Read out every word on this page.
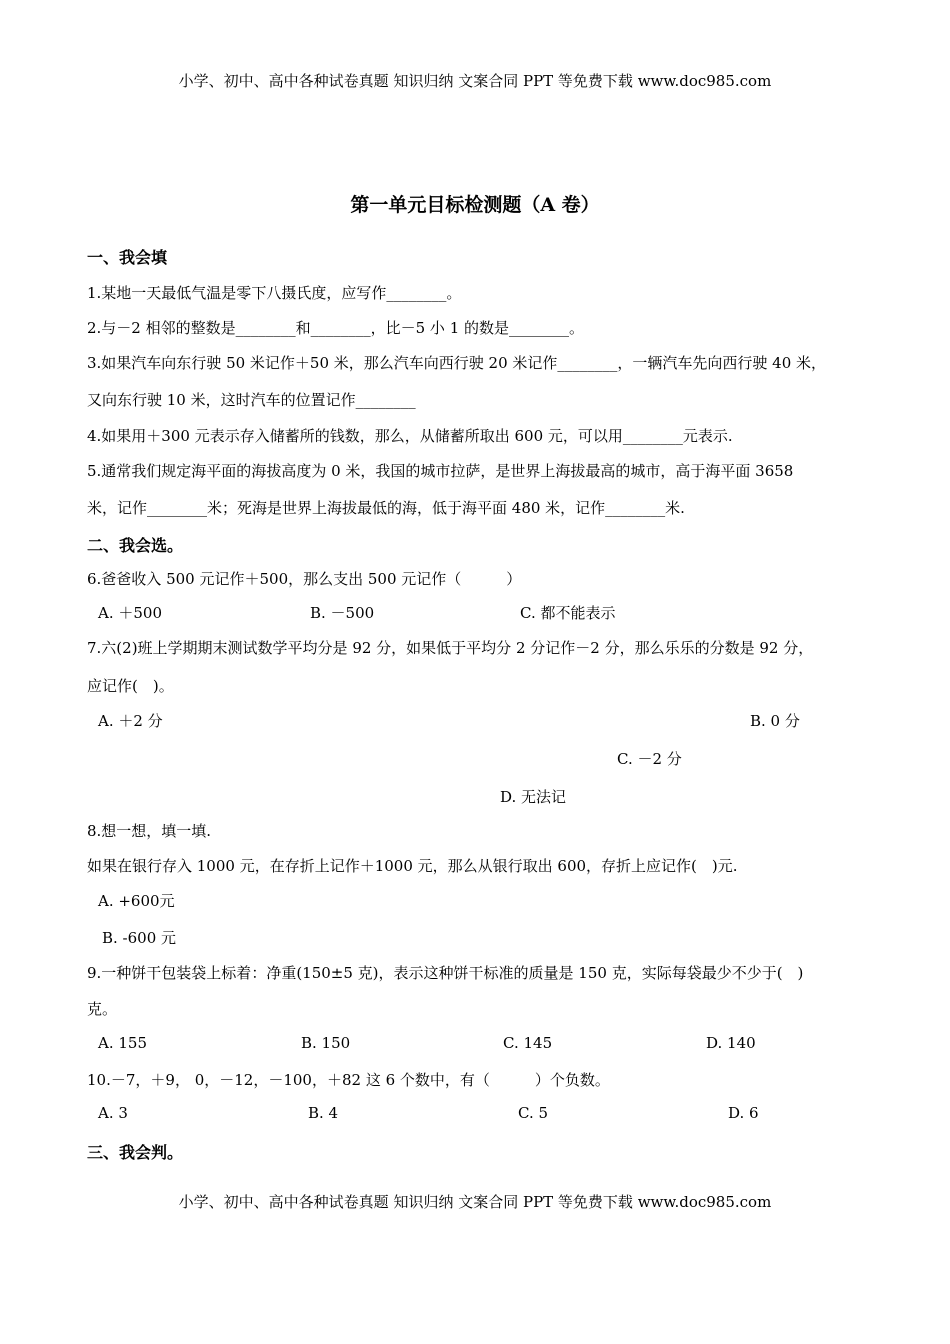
小学、初中、高中各种试卷真题 知识归纳 文案合同 PPT 等免费下载 www.doc985.com
第一单元目标检测题（A 卷）
一、我会填
1.某地一天最低气温是零下八摄氏度，应写作________。
2.与－2 相邻的整数是________和________，比－5 小 1 的数是________。
3.如果汽车向东行驶 50 米记作＋50 米，那么汽车向西行驶 20 米记作________，一辆汽车先向西行驶 40 米，
又向东行驶 10 米，这时汽车的位置记作________
4.如果用＋300 元表示存入储蓄所的钱数，那么，从储蓄所取出 600 元，可以用________元表示.
5.通常我们规定海平面的海拔高度为 0 米，我国的城市拉萨，是世界上海拔最高的城市，高于海平面 3658
米，记作________米；死海是世界上海拔最低的海，低于海平面 480 米，记作________米.
二、我会选。
6.爸爸收入 500 元记作＋500，那么支出 500 元记作（　　　）
A. ＋500	B. －500	C. 都不能表示
7.六(2)班上学期期末测试数学平均分是 92 分，如果低于平均分 2 分记作－2 分，那么乐乐的分数是 92 分，
应记作(　)。
A. ＋2 分	B. 0 分
C. －2 分
D. 无法记
8.想一想，填一填.
如果在银行存入 1000 元，在存折上记作＋1000 元，那么从银行取出 600，存折上应记作(　)元.
A. +600元
B. -600 元
9.一种饼干包装袋上标着：净重(150±5 克)，表示这种饼干标准的质量是 150 克，实际每袋最少不少于(　)
克。
A. 155	B. 150	C. 145	D. 140
10.－7，＋9， 0，－12，－100，＋82 这 6 个数中，有（　　　）个负数。
A. 3	B. 4	C. 5	D. 6
三、我会判。
小学、初中、高中各种试卷真题 知识归纳 文案合同 PPT 等免费下载 www.doc985.com
